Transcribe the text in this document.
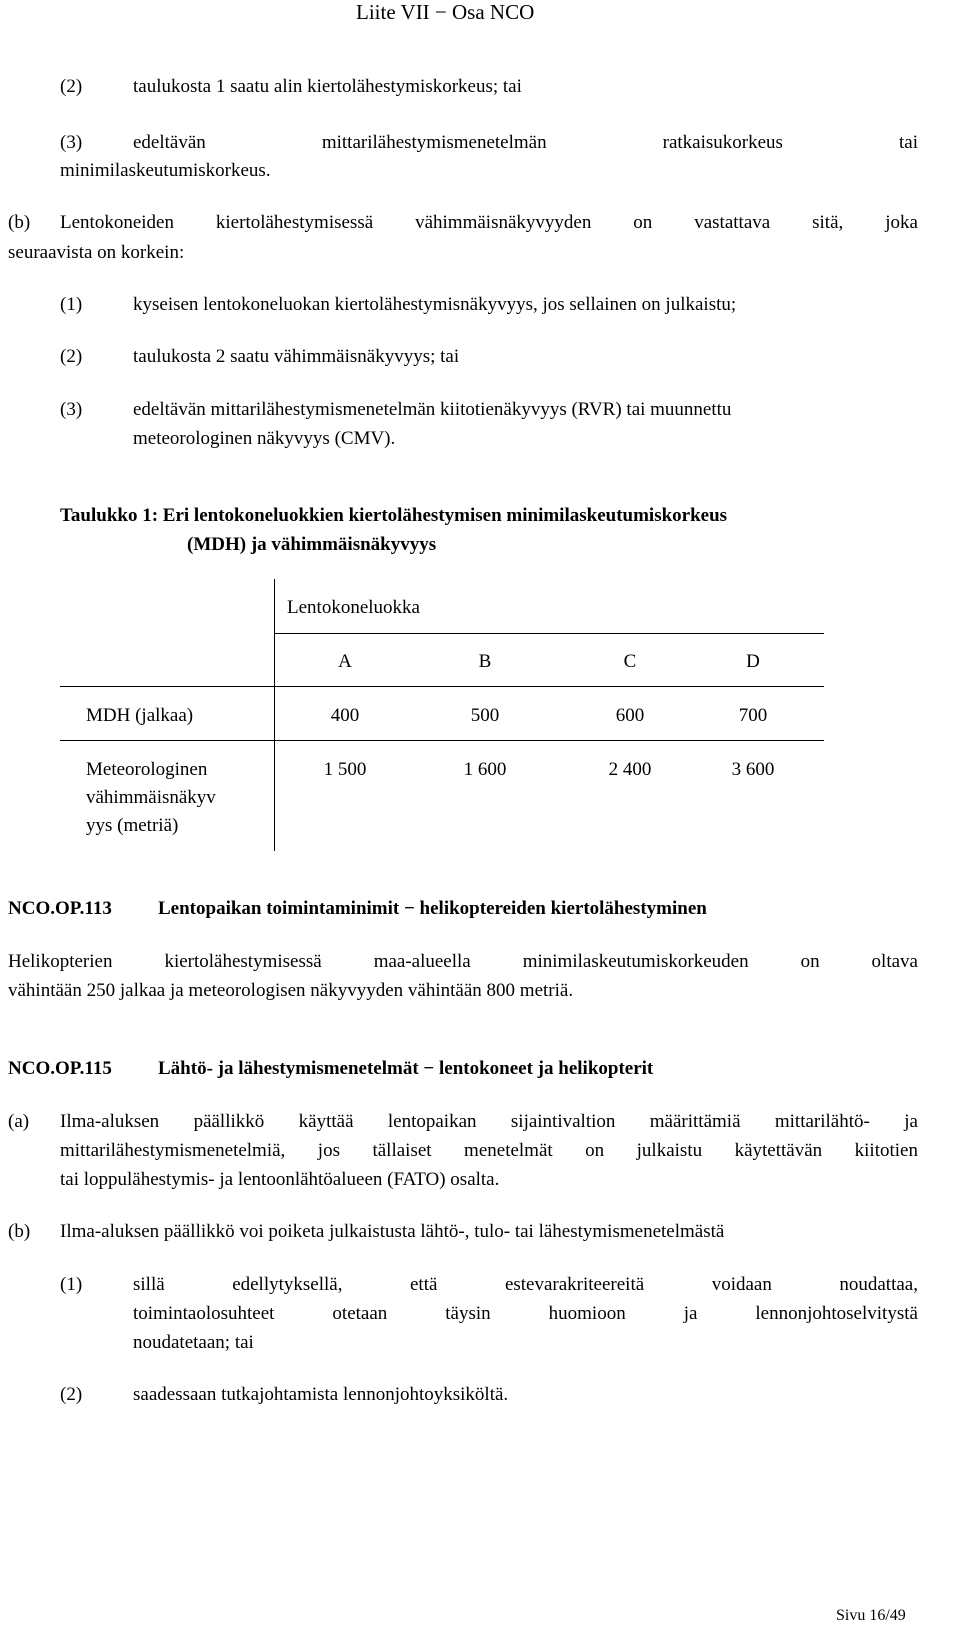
Liite VII − Osa NCO
(2)	taulukosta 1 saatu alin kiertolähestymiskorkeus; tai
(3)	edeltävän	mittarilähestymismenetelmän	ratkaisukorkeus	tai
minimilaskeutumiskorkeus.
(b) Lentokoneiden kiertolähestymisessä vähimmäisnäkyvyyden on vastattava sitä, joka
seuraavista on korkein:
(1)	kyseisen lentokoneluokan kiertolähestymisnäkyvyys, jos sellainen on julkaistu;
(2)	taulukosta 2 saatu vähimmäisnäkyvyys; tai
(3)	edeltävän mittarilähestymismenetelmän kiitotienäkyvyys (RVR) tai muunnettu
meteorologinen näkyvyys (CMV).
Taulukko 1: Eri lentokoneluokkien kiertolähestymisen minimilaskeutumiskorkeus
(MDH) ja vähimmäisnäkyvyys
Lentokoneluokka
A	B	C	D
MDH (jalkaa)	400	500	600	700
Meteorologinen
vähimmäisnäkyv
yys (metriä)
1 500	1 600	2 400	3 600
NCO.OP.113 Lentopaikan toimintaminimit − helikoptereiden kiertolähestyminen
Helikopterien	kiertolähestymisessä	maa-alueella	minimilaskeutumiskorkeuden	on	oltava
vähintään 250 jalkaa ja meteorologisen näkyvyyden vähintään 800 metriä.
NCO.OP.115 Lähtö- ja lähestymismenetelmät − lentokoneet ja helikopterit
(a) Ilma-aluksen päällikkö käyttää lentopaikan sijaintivaltion määrittämiä mittarilähtö- ja
mittarilähestymismenetelmiä, jos tällaiset menetelmät on julkaistu käytettävän kiitotien
tai loppulähestymis- ja lentoonlähtöalueen (FATO) osalta.
(b) Ilma-aluksen päällikkö voi poiketa julkaistusta lähtö-, tulo- tai lähestymismenetelmästä
(1)	sillä	edellytyksellä,	että	estevarakriteereitä	voidaan	noudattaa,
toimintaolosuhteet	otetaan	täysin	huomioon	ja	lennonjohtoselvitystä
noudatetaan; tai
(2)	saadessaan tutkajohtamista lennonjohtoyksiköltä.
Sivu 16/49
